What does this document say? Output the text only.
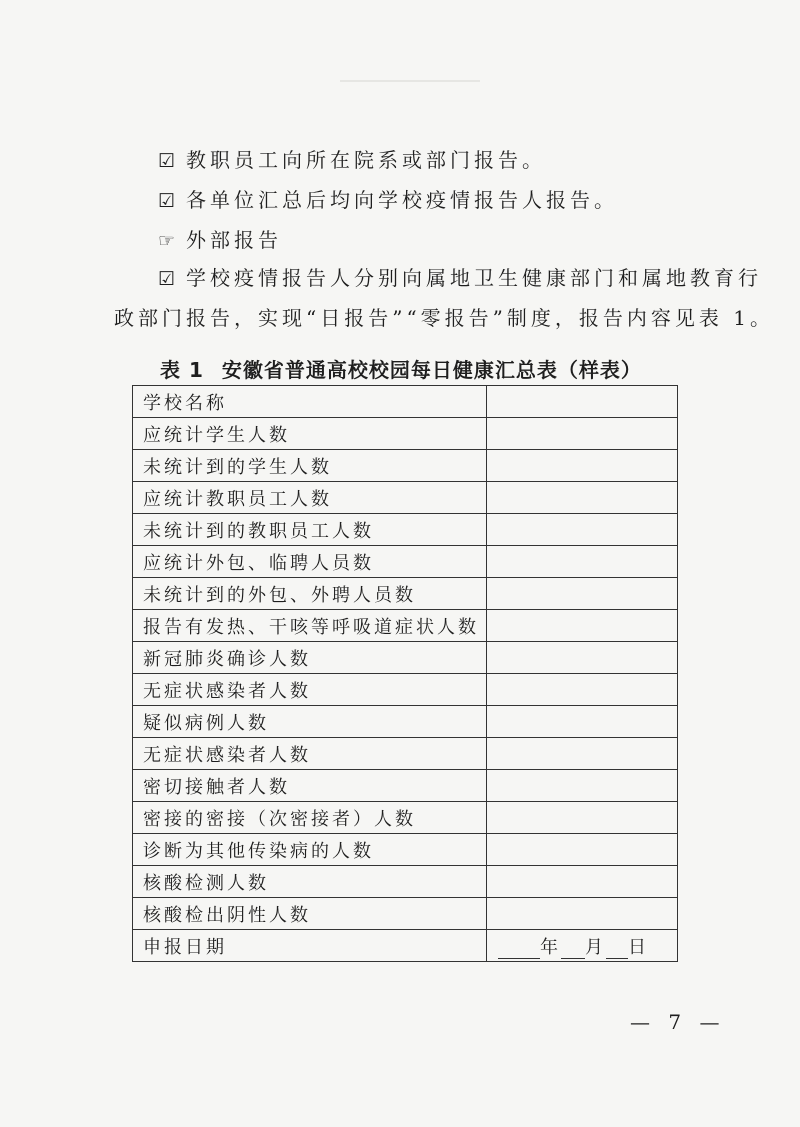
☑ 教职员工向所在院系或部门报告。
☑ 各单位汇总后均向学校疫情报告人报告。
☞ 外部报告
☑ 学校疫情报告人分别向属地卫生健康部门和属地教育行
政部门报告，实现“日报告”“零报告”制度，报告内容见表 1。
表 1 安徽省普通高校校园每日健康汇总表（样表）
学校名称	
应统计学生人数	
未统计到的学生人数	
应统计教职员工人数	
未统计到的教职员工人数	
应统计外包、临聘人员数	
未统计到的外包、外聘人员数	
报告有发热、干咳等呼吸道症状人数	
新冠肺炎确诊人数	
无症状感染者人数	
疑似病例人数	
无症状感染者人数	
密切接触者人数	
密接的密接（次密接者）人数	
诊断为其他传染病的人数	
核酸检测人数	
核酸检出阴性人数	
申报日期	年 月 日
— 7 —
